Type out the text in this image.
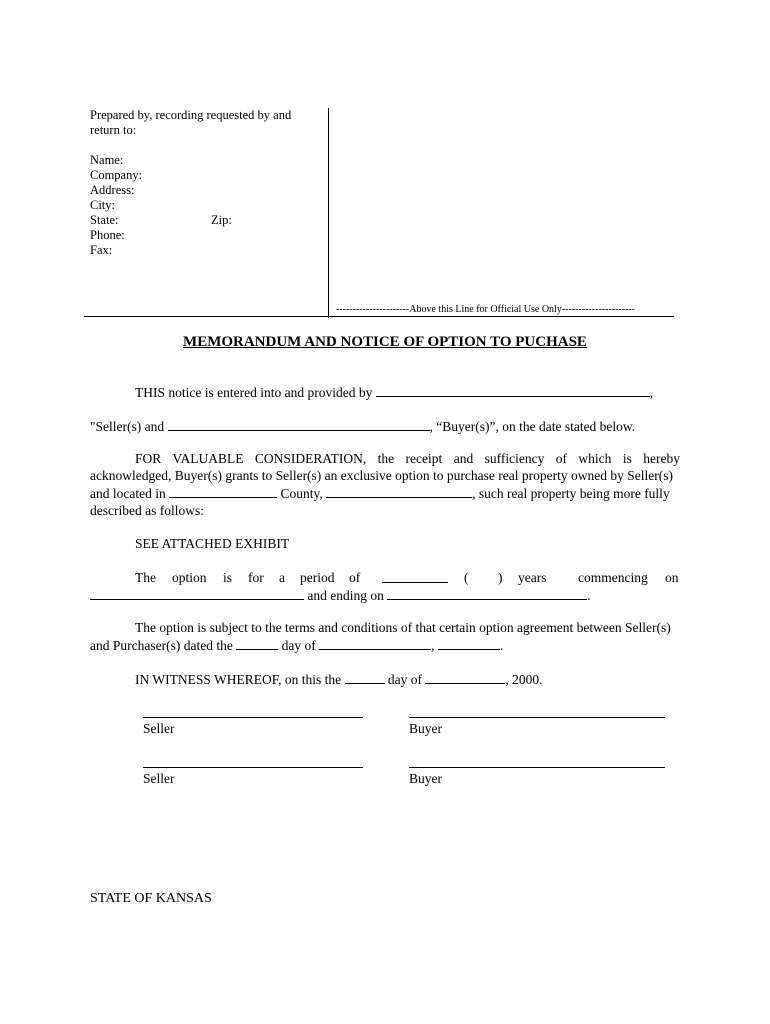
Prepared by, recording requested by and
return to:
Name:
Company:
Address:
City:
State:	Zip:
Phone:
Fax:
----------------------Above this Line for Official Use Only----------------------
MEMORANDUM AND NOTICE OF OPTION TO PUCHASE
THIS notice is entered into and provided by	,
"Seller(s) and	, “Buyer(s)”, on the date stated below.
FOR VALUABLE CONSIDERATION, the receipt and sufficiency of which is hereby
acknowledged, Buyer(s) grants to Seller(s) an exclusive option to purchase real property owned by Seller(s)
and located in	County,	, such real property being more fully
described as follows:
SEE ATTACHED EXHIBIT
The option is for a period of	( ) years commencing on
and ending on	.
The option is subject to the terms and conditions of that certain option agreement between Seller(s)
and Purchaser(s) dated the	day of	,	.
IN WITNESS WHEREOF, on this the	day of	, 2000.
Seller	Buyer
Seller	Buyer
STATE OF KANSAS
